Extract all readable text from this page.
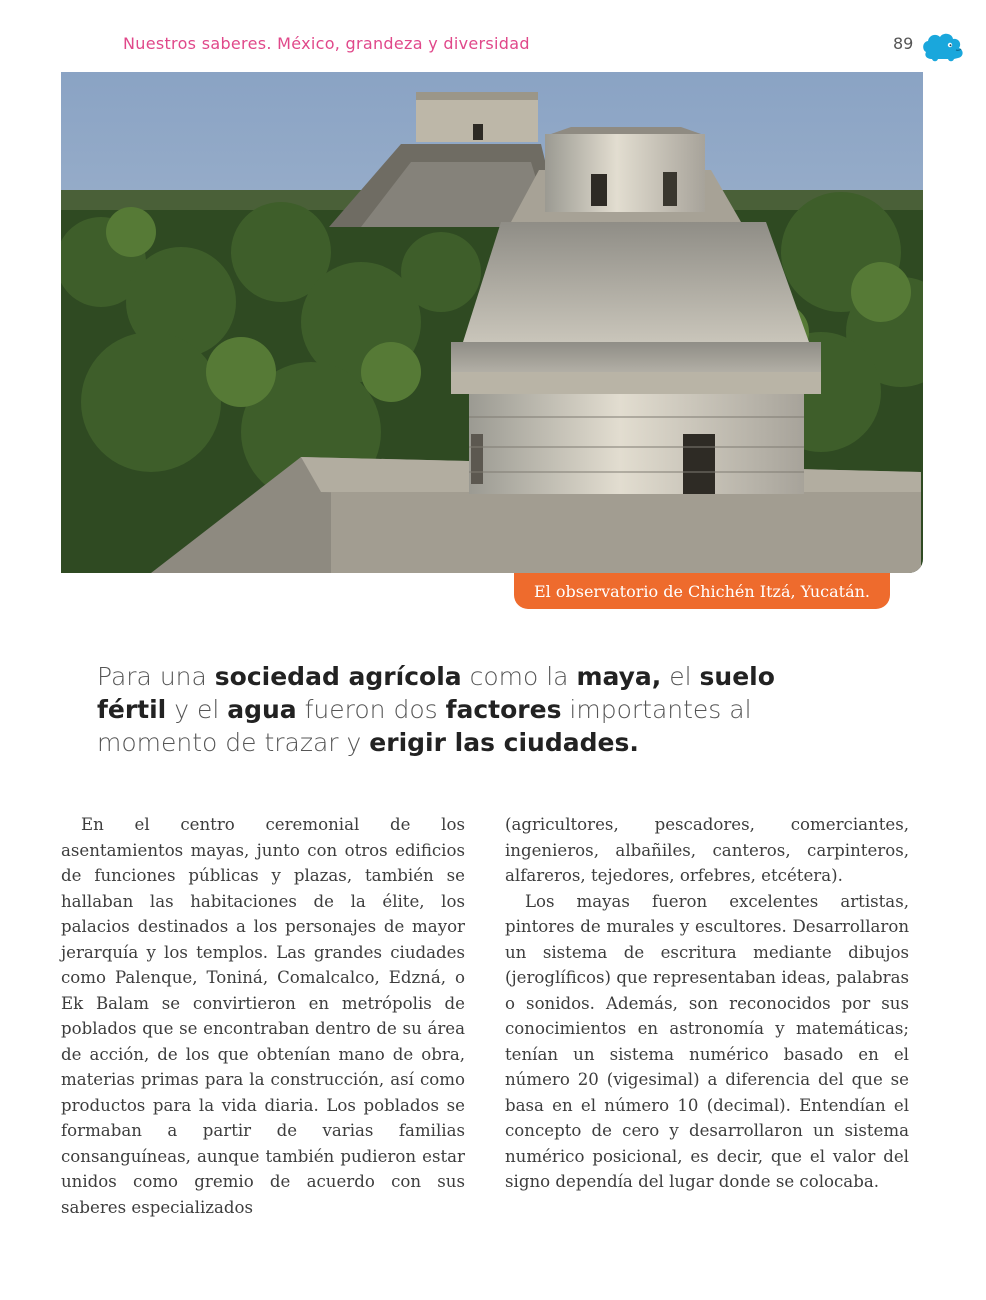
Nuestros saberes. México, grandeza y diversidad	89
El observatorio de Chichén Itzá, Yucatán.
Para una sociedad agrícola como la maya, el suelo fértil y el agua fueron dos factores importantes al momento de trazar y erigir las ciudades.

En el centro ceremonial de los asentamientos mayas, junto con otros edificios de funciones públicas y plazas, también se hallaban las habitaciones de la élite, los palacios destinados a los personajes de mayor jerarquía y los templos. Las grandes ciudades como Palenque, Toniná, Comalcalco, Edzná, o Ek Balam se convirtieron en metrópolis de poblados que se encontraban dentro de su área de acción, de los que obtenían mano de obra, materias primas para la construcción, así como productos para la vida diaria. Los poblados se formaban a partir de varias familias consanguíneas, aunque también pudieron estar unidos como gremio de acuerdo con sus saberes especializados

(agricultores, pescadores, comerciantes, ingenieros, albañiles, canteros, carpinteros, alfareros, tejedores, orfebres, etcétera).

Los mayas fueron excelentes artistas, pintores de murales y escultores. Desarrollaron un sistema de escritura mediante dibujos (jeroglíficos) que representaban ideas, palabras o sonidos. Además, son reconocidos por sus conocimientos en astronomía y matemáticas; tenían un sistema numérico basado en el número 20 (vigesimal) a diferencia del que se basa en el número 10 (decimal). Entendían el concepto de cero y desarrollaron un sistema numérico posicional, es decir, que el valor del signo dependía del lugar donde se colocaba.
